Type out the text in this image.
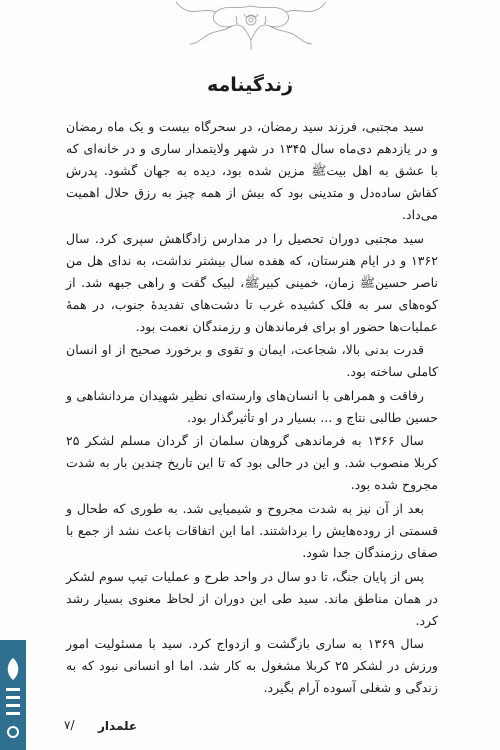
زندگینامه

سید مجتبی، فرزند سید رمضان، در سحرگاه بیست و یک ماه رمضان و در یازدهم دی‌ماه سال ۱۳۴۵ در شهر ولایتمدار ساری و در خانه‌ای که با عشق به اهل بیت‌ﷺ مزین شده بود، دیده به جهان گشود. پدرش کفاش ساده‌دل و متدینی بود که بیش از همه چیز به رزق حلال اهمیت می‌داد.

سید مجتبی دوران تحصیل را در مدارس زادگاهش سپری کرد. سال ۱۳۶۲ و در ایام هنرستان، که هفده سال بیشتر نداشت، به ندای هل من ناصر حسین‌ﷺ زمان، خمینی کبیر‌ﷺ، لبیک گفت و راهی جبهه شد. از کوه‌های سر به فلک کشیده غرب تا دشت‌های تفدیدهٔ جنوب، در همهٔ عملیات‌ها حضور او برای فرماندهان و رزمندگان نعمت بود.

قدرت بدنی بالا، شجاعت، ایمان و تقوی و برخورد صحیح از او انسان کاملی ساخته بود.

رفاقت و همراهی با انسان‌های وارسته‌ای نظیر شهیدان مردانشاهی و حسین طالبی نتاج و ... بسیار در او تأثیرگذار بود.

سال ۱۳۶۶ به فرماندهی گروهان سلمان از گردان مسلم لشکر ۲۵ کربلا منصوب شد. و این در حالی بود که تا این تاریخ چندین بار به شدت مجروح شده بود.

بعد از آن نیز به شدت مجروح و شیمیایی شد. به طوری که طحال و قسمتی از روده‌هایش را برداشتند. اما این اتفاقات باعث نشد از جمع با صفای رزمندگان جدا شود.

پس از پایان جنگ، تا دو سال در واحد طرح و عملیات تیپ سوم لشکر در همان مناطق ماند. سید طی این دوران از لحاظ معنوی بسیار رشد کرد.

سال ۱۳۶۹ به ساری بازگشت و ازدواج کرد. سید با مسئولیت امور ورزش در لشکر ۲۵ کربلا مشغول به کار شد. اما او انسانی نبود که به زندگی و شغلی آسوده آرام بگیرد.

۷/ علمدار
